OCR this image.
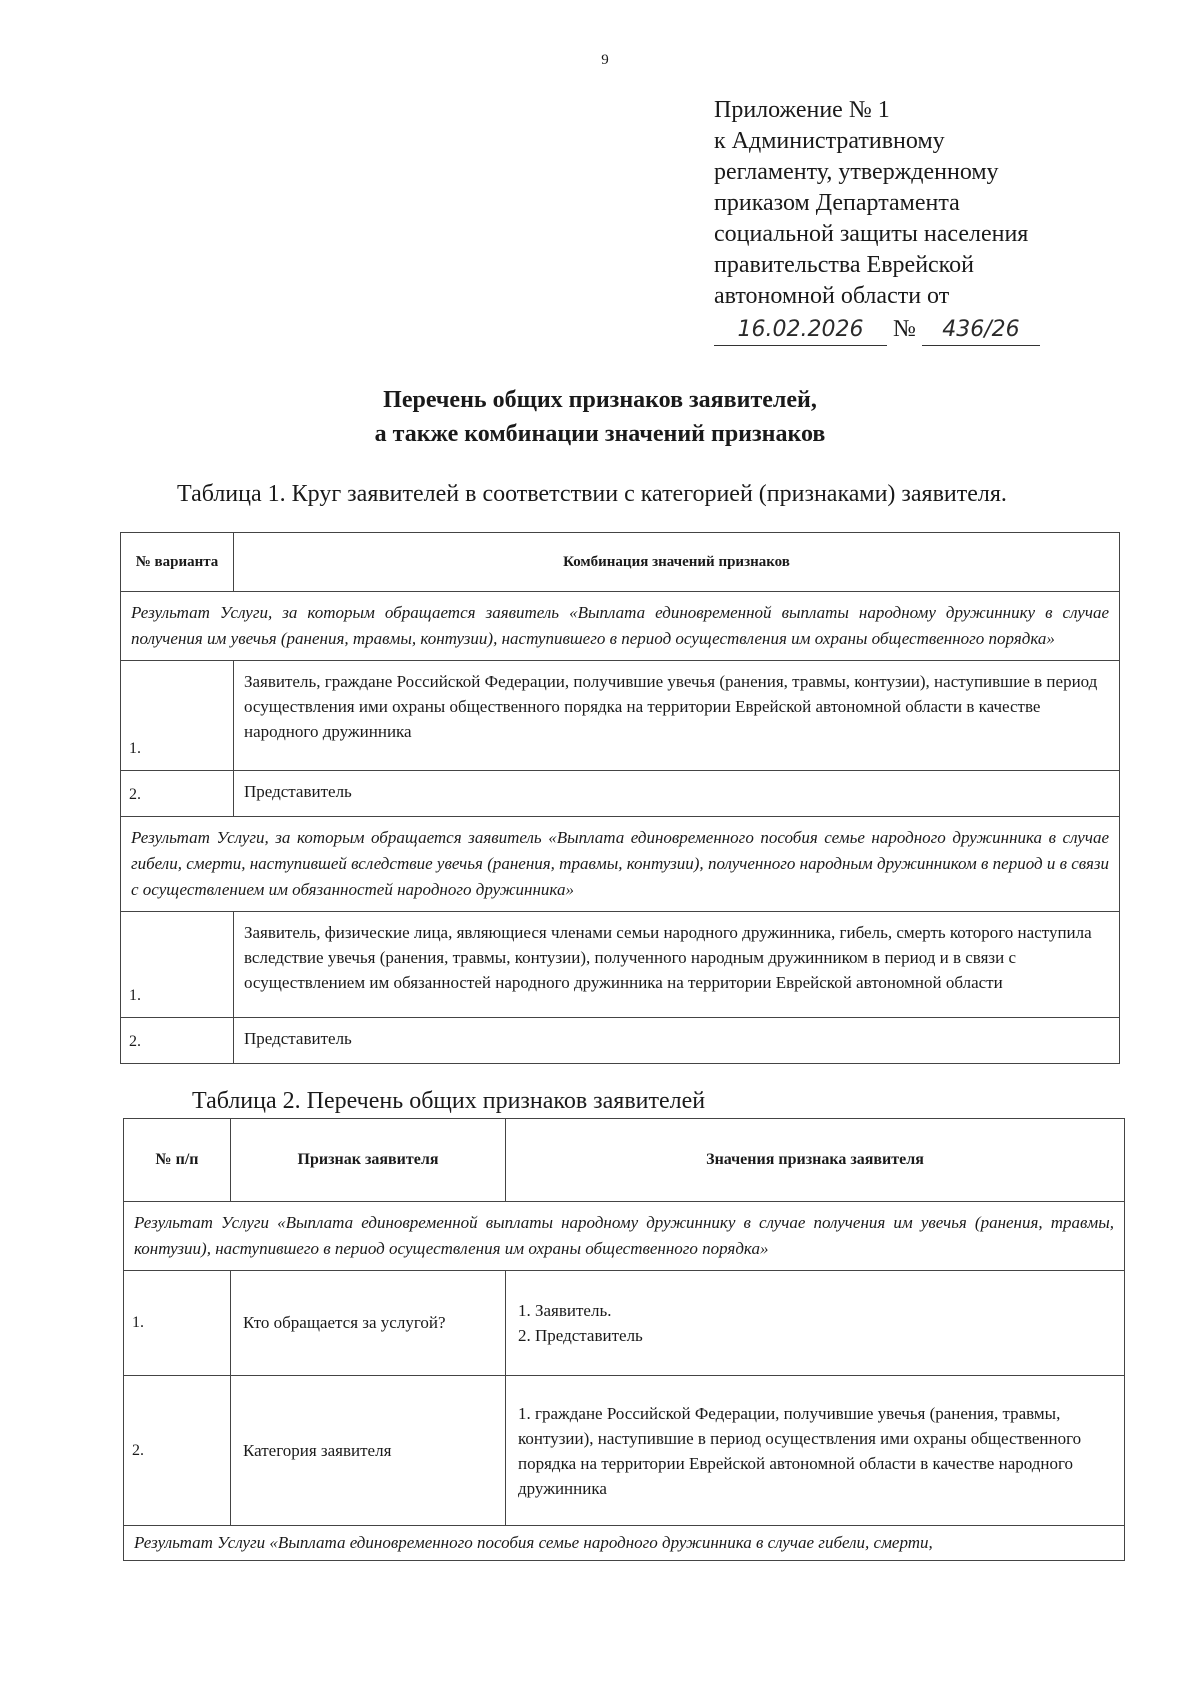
9
Приложение № 1
к Административному
регламенту, утвержденному
приказом Департамента
социальной защиты населения
правительства Еврейской
автономной области от
16.02.2026 № 436/26
Перечень общих признаков заявителей,
а также комбинации значений признаков
Таблица 1. Круг заявителей в соответствии с категорией (признаками) заявителя.
№ варианта	Комбинация значений признаков
Результат Услуги, за которым обращается заявитель «Выплата единовременной выплаты народному дружиннику в случае получения им увечья (ранения, травмы, контузии), наступившего в период осуществления им охраны общественного порядка»	
1.	Заявитель, граждане Российской Федерации, получившие увечья (ранения, травмы, контузии), наступившие в период осуществления ими охраны общественного порядка на территории Еврейской автономной области в качестве народного дружинника
2.	Представитель
Результат Услуги, за которым обращается заявитель «Выплата единовременного пособия семье народного дружинника в случае гибели, смерти, наступившей вследствие увечья (ранения, травмы, контузии), полученного народным дружинником в период и в связи с осуществлением им обязанностей народного дружинника»	
1.	Заявитель, физические лица, являющиеся членами семьи народного дружинника, гибель, смерть которого наступила вследствие увечья (ранения, травмы, контузии), полученного народным дружинником в период и в связи с осуществлением им обязанностей народного дружинника на территории Еврейской автономной области
2.	Представитель
Таблица 2. Перечень общих признаков заявителей
№ п/п	Признак заявителя	Значения признака заявителя
Результат Услуги «Выплата единовременной выплаты народному дружиннику в случае получения им увечья (ранения, травмы, контузии), наступившего в период осуществления им охраны общественного порядка»		
1.	Кто обращается за услугой?	1. Заявитель.
2. Представитель

2.	Категория заявителя	1. граждане Российской Федерации, получившие увечья (ранения, травмы, контузии), наступившие в период осуществления ими охраны общественного порядка на территории Еврейской автономной области в качестве народного дружинника

Результат Услуги «Выплата единовременного пособия семье народного дружинника в случае гибели, смерти,		
